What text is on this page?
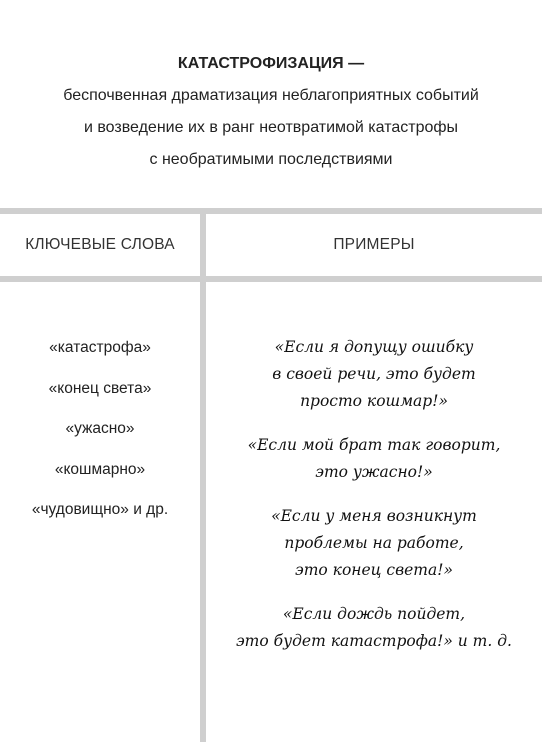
КАТАСТРОФИЗАЦИЯ —
беспочвенная драматизация неблагоприятных событий
и возведение их в ранг неотвратимой катастрофы
с необратимыми последствиями
КЛЮЧЕВЫЕ СЛОВА	ПРИМЕРЫ
«катастрофа»
«конец света»
«ужасно»
«кошмарно»
«чудовищно» и др.
«Если я допущу ошибку
в своей речи, это будет
просто кошмар!»
«Если мой брат так говорит,
это ужасно!»
«Если у меня возникнут
проблемы на работе,
это конец света!»
«Если дождь пойдет,
это будет катастрофа!» и т. д.
